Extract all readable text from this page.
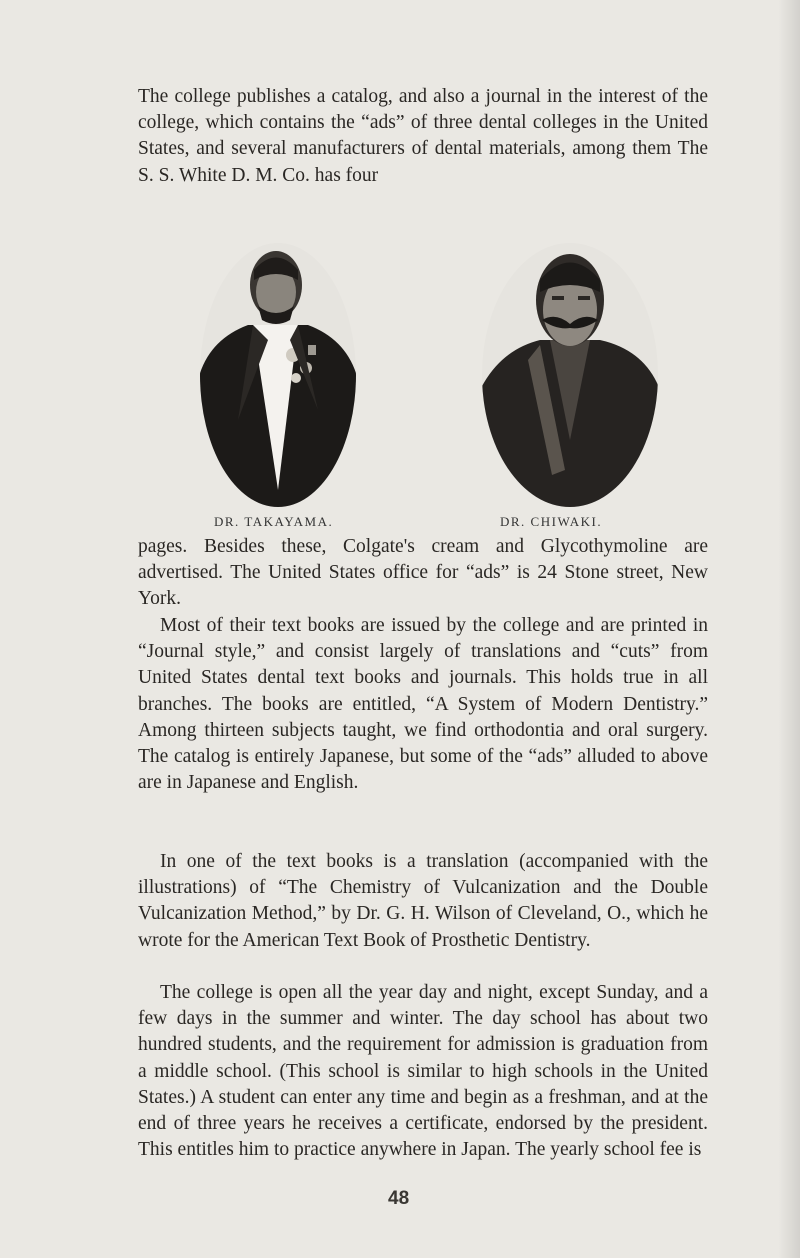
The college publishes a catalog, and also a journal in the interest of the college, which contains the “ads” of three dental colleges in the United States, and several manufacturers of dental materials, among them The S. S. White D. M. Co. has four

DR. TAKAYAMA.	DR. CHIWAKI.

pages. Besides these, Colgate's cream and Glycothymoline are advertised. The United States office for “ads” is 24 Stone street, New York.

Most of their text books are issued by the college and are printed in “Journal style,” and consist largely of translations and “cuts” from United States dental text books and journals. This holds true in all branches. The books are entitled, “A System of Modern Dentistry.” Among thirteen subjects taught, we find orthodontia and oral surgery. The catalog is entirely Japanese, but some of the “ads” alluded to above are in Japanese and English.

In one of the text books is a translation (accompanied with the illustrations) of “The Chemistry of Vulcanization and the Double Vulcanization Method,” by Dr. G. H. Wilson of Cleveland, O., which he wrote for the American Text Book of Prosthetic Dentistry.

The college is open all the year day and night, except Sunday, and a few days in the summer and winter. The day school has about two hundred students, and the requirement for admission is graduation from a middle school. (This school is similar to high schools in the United States.) A student can enter any time and begin as a freshman, and at the end of three years he receives a certificate, endorsed by the president. This entitles him to practice anywhere in Japan. The yearly school fee is

48
